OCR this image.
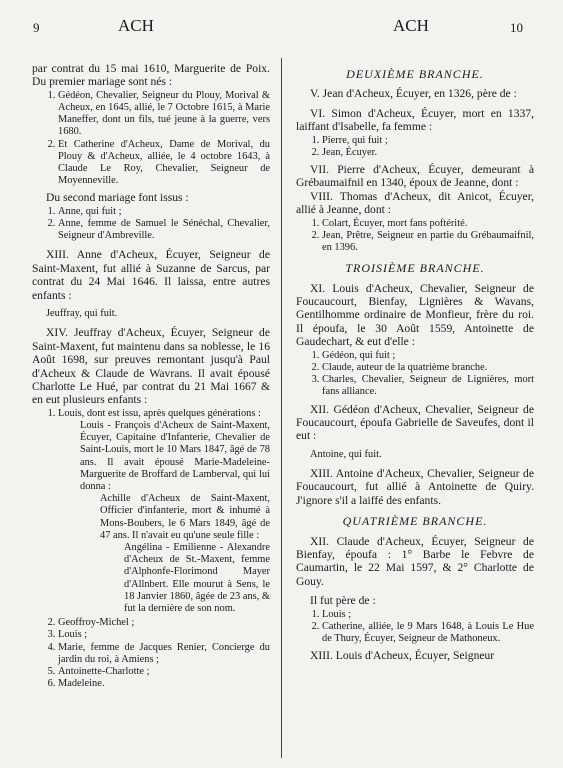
9	ACH	ACH	10

par contrat du 15 mai 1610, Marguerite de Poix. Du premier mariage sont nés :

1. Gédéon, Chevalier, Seigneur du Plouy, Morival & Acheux, en 1645, allié, le 7 Octobre 1615, à Marie Maneffer, dont un fils, tué jeune à la guerre, vers 1680.
2. Et Catherine d'Acheux, Dame de Morival, du Plouy & d'Acheux, alliée, le 4 octobre 1643, à Claude Le Roy, Chevalier, Seigneur de Moyenneville.

Du second mariage font issus :

1. Anne, qui fuit ;
2. Anne, femme de Samuel le Sénéchal, Chevalier, Seigneur d'Ambreville.

XIII. Anne d'Acheux, Écuyer, Seigneur de Saint-Maxent, fut allié à Suzanne de Sarcus, par contrat du 24 Mai 1646. Il laissa, entre autres enfants :

Jeuffray, qui fuit.

XIV. Jeuffray d'Acheux, Écuyer, Seigneur de Saint-Maxent, fut maintenu dans sa noblesse, le 16 Août 1698, sur preuves remontant jusqu'à Paul d'Acheux & Claude de Wavrans. Il avait épousé Charlotte Le Hué, par contrat du 21 Mai 1667 & en eut plusieurs enfants :

1. Louis, dont est issu, après quelques générations :

Louis - François d'Acheux de Saint-Maxent, Écuyer, Capitaine d'Infanterie, Chevalier de Saint-Louis, mort le 10 Mars 1847, âgé de 78 ans. Il avait épousé Marie-Madeleine-Marguerite de Broffard de Lamberval, qui lui donna :

Achille d'Acheux de Saint-Maxent, Officier d'infanterie, mort & inhumé à Mons-Boubers, le 6 Mars 1849, âgé de 47 ans. Il n'avait eu qu'une seule fille :

Angélina - Emilienne - Alexandre d'Acheux de St.-Maxent, femme d'Alphonfe-Florimond Mayer d'Allnbert. Elle mourut à Sens, le 18 Janvier 1860, âgée de 23 ans, & fut la dernière de son nom.

2. Geoffroy-Michel ;
3. Louis ;
4. Marie, femme de Jacques Renier, Concierge du jardin du roi, à Amiens ;
5. Antoinette-Charlotte ;
6. Madeleine.

DEUXIÈME BRANCHE.

V. Jean d'Acheux, Écuyer, en 1326, père de :

VI. Simon d'Acheux, Écuyer, mort en 1337, laiffant d'Isabelle, fa femme :

1. Pierre, qui fuit ;
2. Jean, Écuyer.

VII. Pierre d'Acheux, Écuyer, demeurant à Grébaumaifnil en 1340, époux de Jeanne, dont :

VIII. Thomas d'Acheux, dit Anicot, Écuyer, allié à Jeanne, dont :

1. Colart, Écuyer, mort fans poftérité.
2. Jean, Prêtre, Seigneur en partie du Grébaumaifnil, en 1396.

TROISIÈME BRANCHE.

XI. Louis d'Acheux, Chevalier, Seigneur de Foucaucourt, Bienfay, Lignières & Wavans, Gentilhomme ordinaire de Monfieur, frère du roi. Il époufa, le 30 Août 1559, Antoinette de Gaudechart, & eut d'elle :

1. Gédéon, qui fuit ;
2. Claude, auteur de la quatrième branche.
3. Charles, Chevalier, Seigneur de Lignières, mort fans alliance.

XII. Gédéon d'Acheux, Chevalier, Seigneur de Foucaucourt, époufa Gabrielle de Saveufes, dont il eut :

Antoine, qui fuit.

XIII. Antoine d'Acheux, Chevalier, Seigneur de Foucaucourt, fut allié à Antoinette de Quiry. J'ignore s'il a laiffé des enfants.

QUATRIÈME BRANCHE.

XII. Claude d'Acheux, Écuyer, Seigneur de Bienfay, époufa : 1° Barbe le Febvre de Caumartin, le 22 Mai 1597, & 2° Charlotte de Gouy.

Il fut père de :

1. Louis ;
2. Catherine, alliée, le 9 Mars 1648, à Louis Le Hue de Thury, Écuyer, Seigneur de Mathoneux.

XIII. Louis d'Acheux, Écuyer, Seigneur
